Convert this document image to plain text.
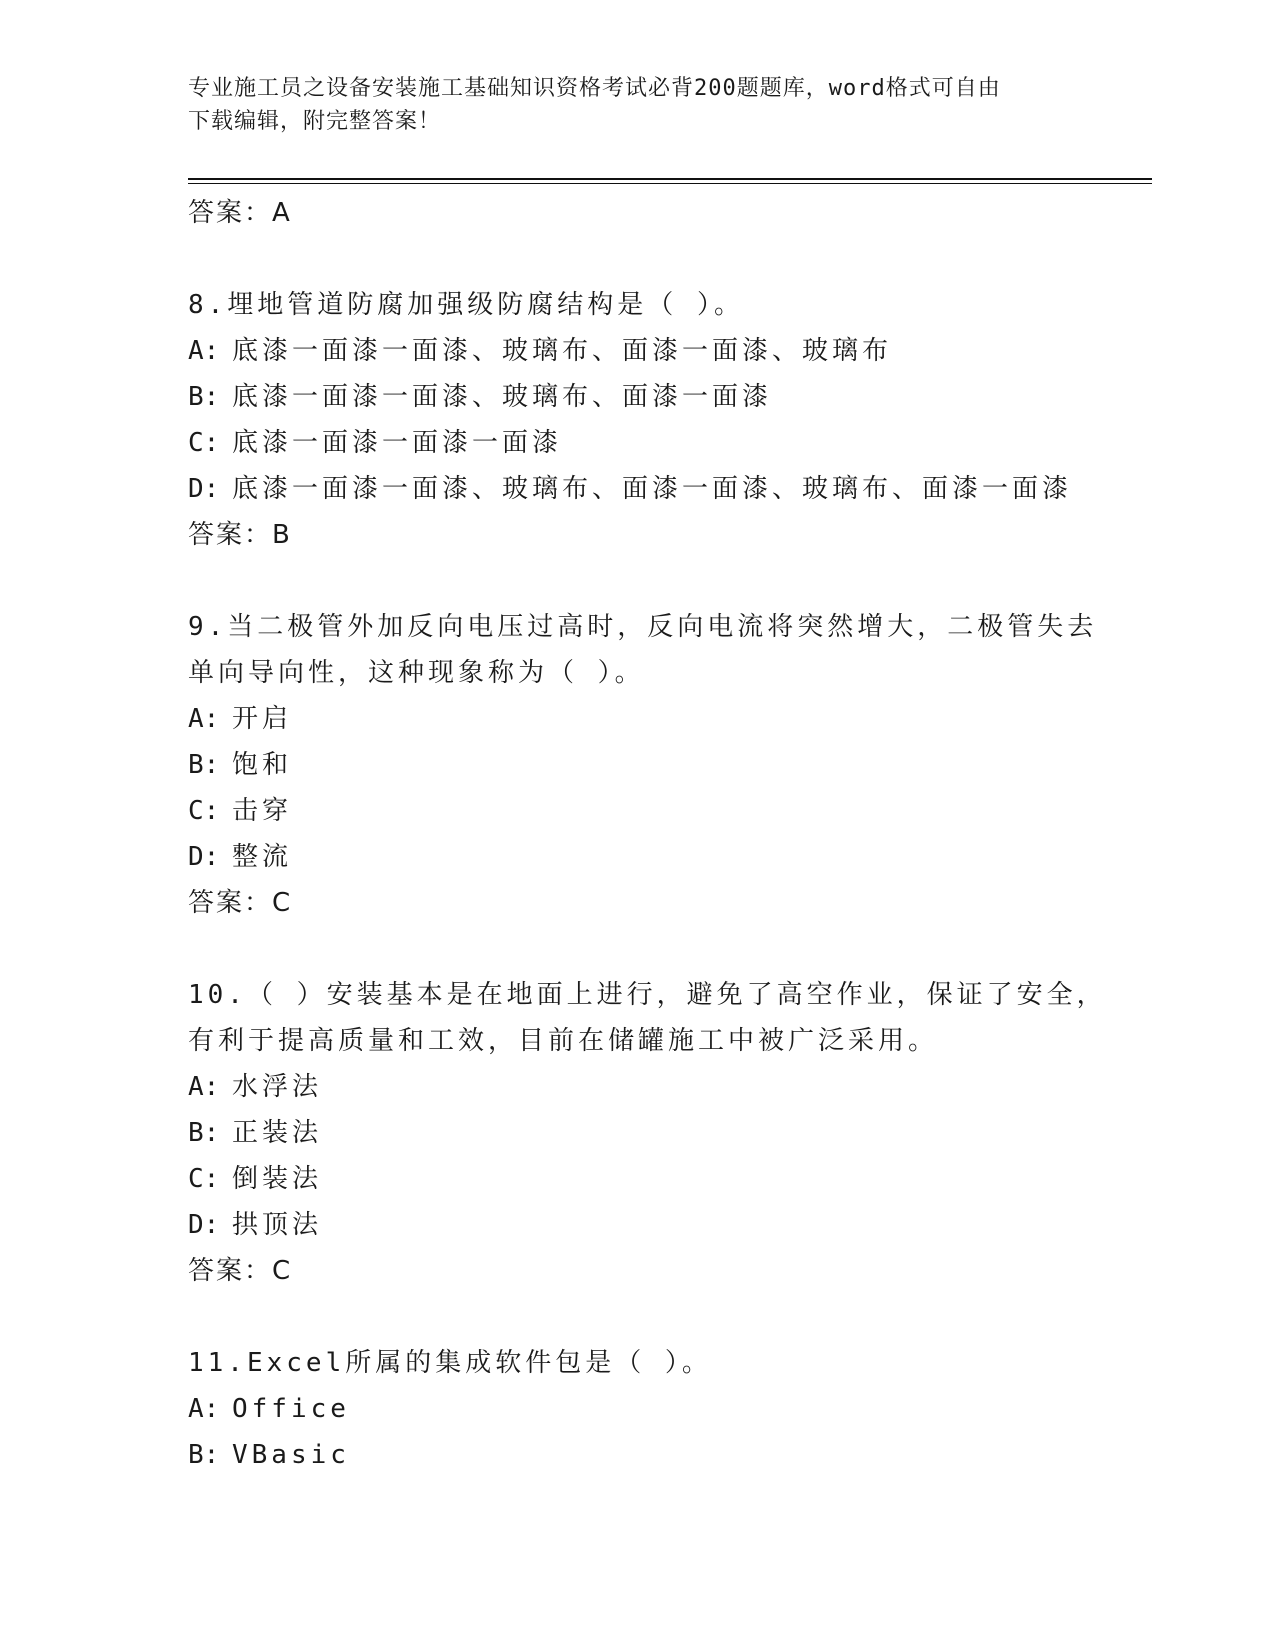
专业施工员之设备安装施工基础知识资格考试必背200题题库，word格式可自由
下载编辑，附完整答案！
答案：A
8.埋地管道防腐加强级防腐结构是（ ）。
A: 底漆一面漆一面漆、玻璃布、面漆一面漆、玻璃布
B: 底漆一面漆一面漆、玻璃布、面漆一面漆
C: 底漆一面漆一面漆一面漆
D: 底漆一面漆一面漆、玻璃布、面漆一面漆、玻璃布、面漆一面漆
答案：B
9.当二极管外加反向电压过高时，反向电流将突然增大，二极管失去
单向导向性，这种现象称为（ ）。
A: 开启
B: 饱和
C: 击穿
D: 整流
答案：C
10.（ ）安装基本是在地面上进行，避免了高空作业，保证了安全，
有利于提高质量和工效，目前在储罐施工中被广泛采用。
A: 水浮法
B: 正装法
C: 倒装法
D: 拱顶法
答案：C
11.Excel所属的集成软件包是（ ）。
A: Office
B: VBasic
